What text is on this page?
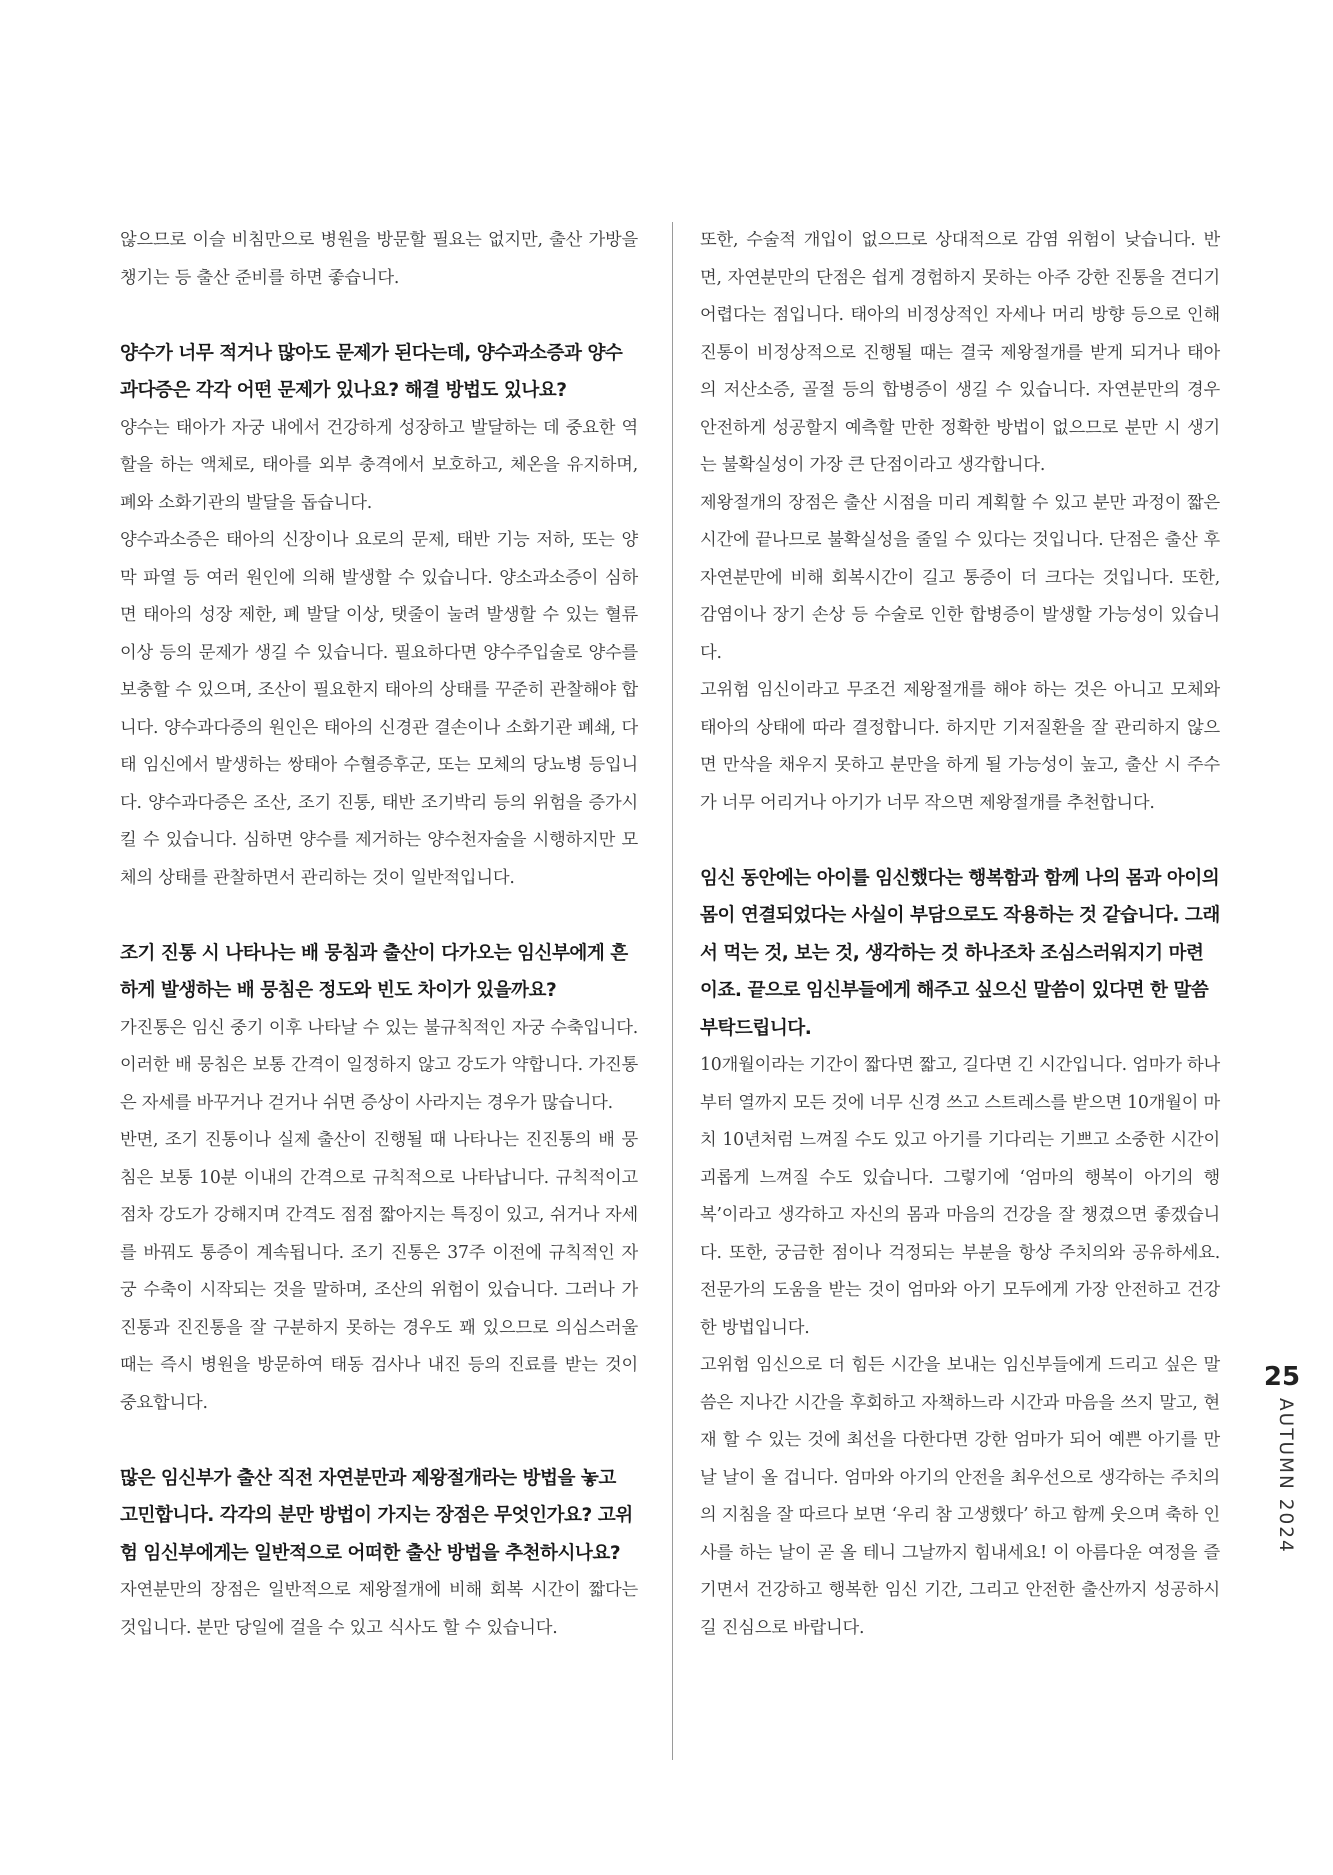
않으므로 이슬 비침만으로 병원을 방문할 필요는 없지만, 출산 가방을 챙기는 등 출산 준비를 하면 좋습니다.

양수가 너무 적거나 많아도 문제가 된다는데, 양수과소증과 양수과다증은 각각 어떤 문제가 있나요? 해결 방법도 있나요?

양수는 태아가 자궁 내에서 건강하게 성장하고 발달하는 데 중요한 역할을 하는 액체로, 태아를 외부 충격에서 보호하고, 체온을 유지하며, 폐와 소화기관의 발달을 돕습니다.

양수과소증은 태아의 신장이나 요로의 문제, 태반 기능 저하, 또는 양막 파열 등 여러 원인에 의해 발생할 수 있습니다. 양소과소증이 심하면 태아의 성장 제한, 폐 발달 이상, 탯줄이 눌려 발생할 수 있는 혈류 이상 등의 문제가 생길 수 있습니다. 필요하다면 양수주입술로 양수를 보충할 수 있으며, 조산이 필요한지 태아의 상태를 꾸준히 관찰해야 합니다. 양수과다증의 원인은 태아의 신경관 결손이나 소화기관 폐쇄, 다태 임신에서 발생하는 쌍태아 수혈증후군, 또는 모체의 당뇨병 등입니다. 양수과다증은 조산, 조기 진통, 태반 조기박리 등의 위험을 증가시킬 수 있습니다. 심하면 양수를 제거하는 양수천자술을 시행하지만 모체의 상태를 관찰하면서 관리하는 것이 일반적입니다.

조기 진통 시 나타나는 배 뭉침과 출산이 다가오는 임신부에게 흔하게 발생하는 배 뭉침은 정도와 빈도 차이가 있을까요?

가진통은 임신 중기 이후 나타날 수 있는 불규칙적인 자궁 수축입니다. 이러한 배 뭉침은 보통 간격이 일정하지 않고 강도가 약합니다. 가진통은 자세를 바꾸거나 걷거나 쉬면 증상이 사라지는 경우가 많습니다.

반면, 조기 진통이나 실제 출산이 진행될 때 나타나는 진진통의 배 뭉침은 보통 10분 이내의 간격으로 규칙적으로 나타납니다. 규칙적이고 점차 강도가 강해지며 간격도 점점 짧아지는 특징이 있고, 쉬거나 자세를 바꿔도 통증이 계속됩니다. 조기 진통은 37주 이전에 규칙적인 자궁 수축이 시작되는 것을 말하며, 조산의 위험이 있습니다. 그러나 가진통과 진진통을 잘 구분하지 못하는 경우도 꽤 있으므로 의심스러울 때는 즉시 병원을 방문하여 태동 검사나 내진 등의 진료를 받는 것이 중요합니다.

많은 임신부가 출산 직전 자연분만과 제왕절개라는 방법을 놓고 고민합니다. 각각의 분만 방법이 가지는 장점은 무엇인가요? 고위험 임신부에게는 일반적으로 어떠한 출산 방법을 추천하시나요?

자연분만의 장점은 일반적으로 제왕절개에 비해 회복 시간이 짧다는 것입니다. 분만 당일에 걸을 수 있고 식사도 할 수 있습니다.

또한, 수술적 개입이 없으므로 상대적으로 감염 위험이 낮습니다. 반면, 자연분만의 단점은 쉽게 경험하지 못하는 아주 강한 진통을 견디기 어렵다는 점입니다. 태아의 비정상적인 자세나 머리 방향 등으로 인해 진통이 비정상적으로 진행될 때는 결국 제왕절개를 받게 되거나 태아의 저산소증, 골절 등의 합병증이 생길 수 있습니다. 자연분만의 경우 안전하게 성공할지 예측할 만한 정확한 방법이 없으므로 분만 시 생기는 불확실성이 가장 큰 단점이라고 생각합니다.

제왕절개의 장점은 출산 시점을 미리 계획할 수 있고 분만 과정이 짧은 시간에 끝나므로 불확실성을 줄일 수 있다는 것입니다. 단점은 출산 후 자연분만에 비해 회복시간이 길고 통증이 더 크다는 것입니다. 또한, 감염이나 장기 손상 등 수술로 인한 합병증이 발생할 가능성이 있습니다.

고위험 임신이라고 무조건 제왕절개를 해야 하는 것은 아니고 모체와 태아의 상태에 따라 결정합니다. 하지만 기저질환을 잘 관리하지 않으면 만삭을 채우지 못하고 분만을 하게 될 가능성이 높고, 출산 시 주수가 너무 어리거나 아기가 너무 작으면 제왕절개를 추천합니다.

임신 동안에는 아이를 임신했다는 행복함과 함께 나의 몸과 아이의 몸이 연결되었다는 사실이 부담으로도 작용하는 것 같습니다. 그래서 먹는 것, 보는 것, 생각하는 것 하나조차 조심스러워지기 마련이죠. 끝으로 임신부들에게 해주고 싶으신 말씀이 있다면 한 말씀 부탁드립니다.

10개월이라는 기간이 짧다면 짧고, 길다면 긴 시간입니다. 엄마가 하나부터 열까지 모든 것에 너무 신경 쓰고 스트레스를 받으면 10개월이 마치 10년처럼 느껴질 수도 있고 아기를 기다리는 기쁘고 소중한 시간이 괴롭게 느껴질 수도 있습니다. 그렇기에 ‘엄마의 행복이 아기의 행복’이라고 생각하고 자신의 몸과 마음의 건강을 잘 챙겼으면 좋겠습니다. 또한, 궁금한 점이나 걱정되는 부분을 항상 주치의와 공유하세요. 전문가의 도움을 받는 것이 엄마와 아기 모두에게 가장 안전하고 건강한 방법입니다.

고위험 임신으로 더 힘든 시간을 보내는 임신부들에게 드리고 싶은 말씀은 지나간 시간을 후회하고 자책하느라 시간과 마음을 쓰지 말고, 현재 할 수 있는 것에 최선을 다한다면 강한 엄마가 되어 예쁜 아기를 만날 날이 올 겁니다. 엄마와 아기의 안전을 최우선으로 생각하는 주치의의 지침을 잘 따르다 보면 ‘우리 참 고생했다’ 하고 함께 웃으며 축하 인사를 하는 날이 곧 올 테니 그날까지 힘내세요! 이 아름다운 여정을 즐기면서 건강하고 행복한 임신 기간, 그리고 안전한 출산까지 성공하시길 진심으로 바랍니다.

25
AUTUMN 2024
